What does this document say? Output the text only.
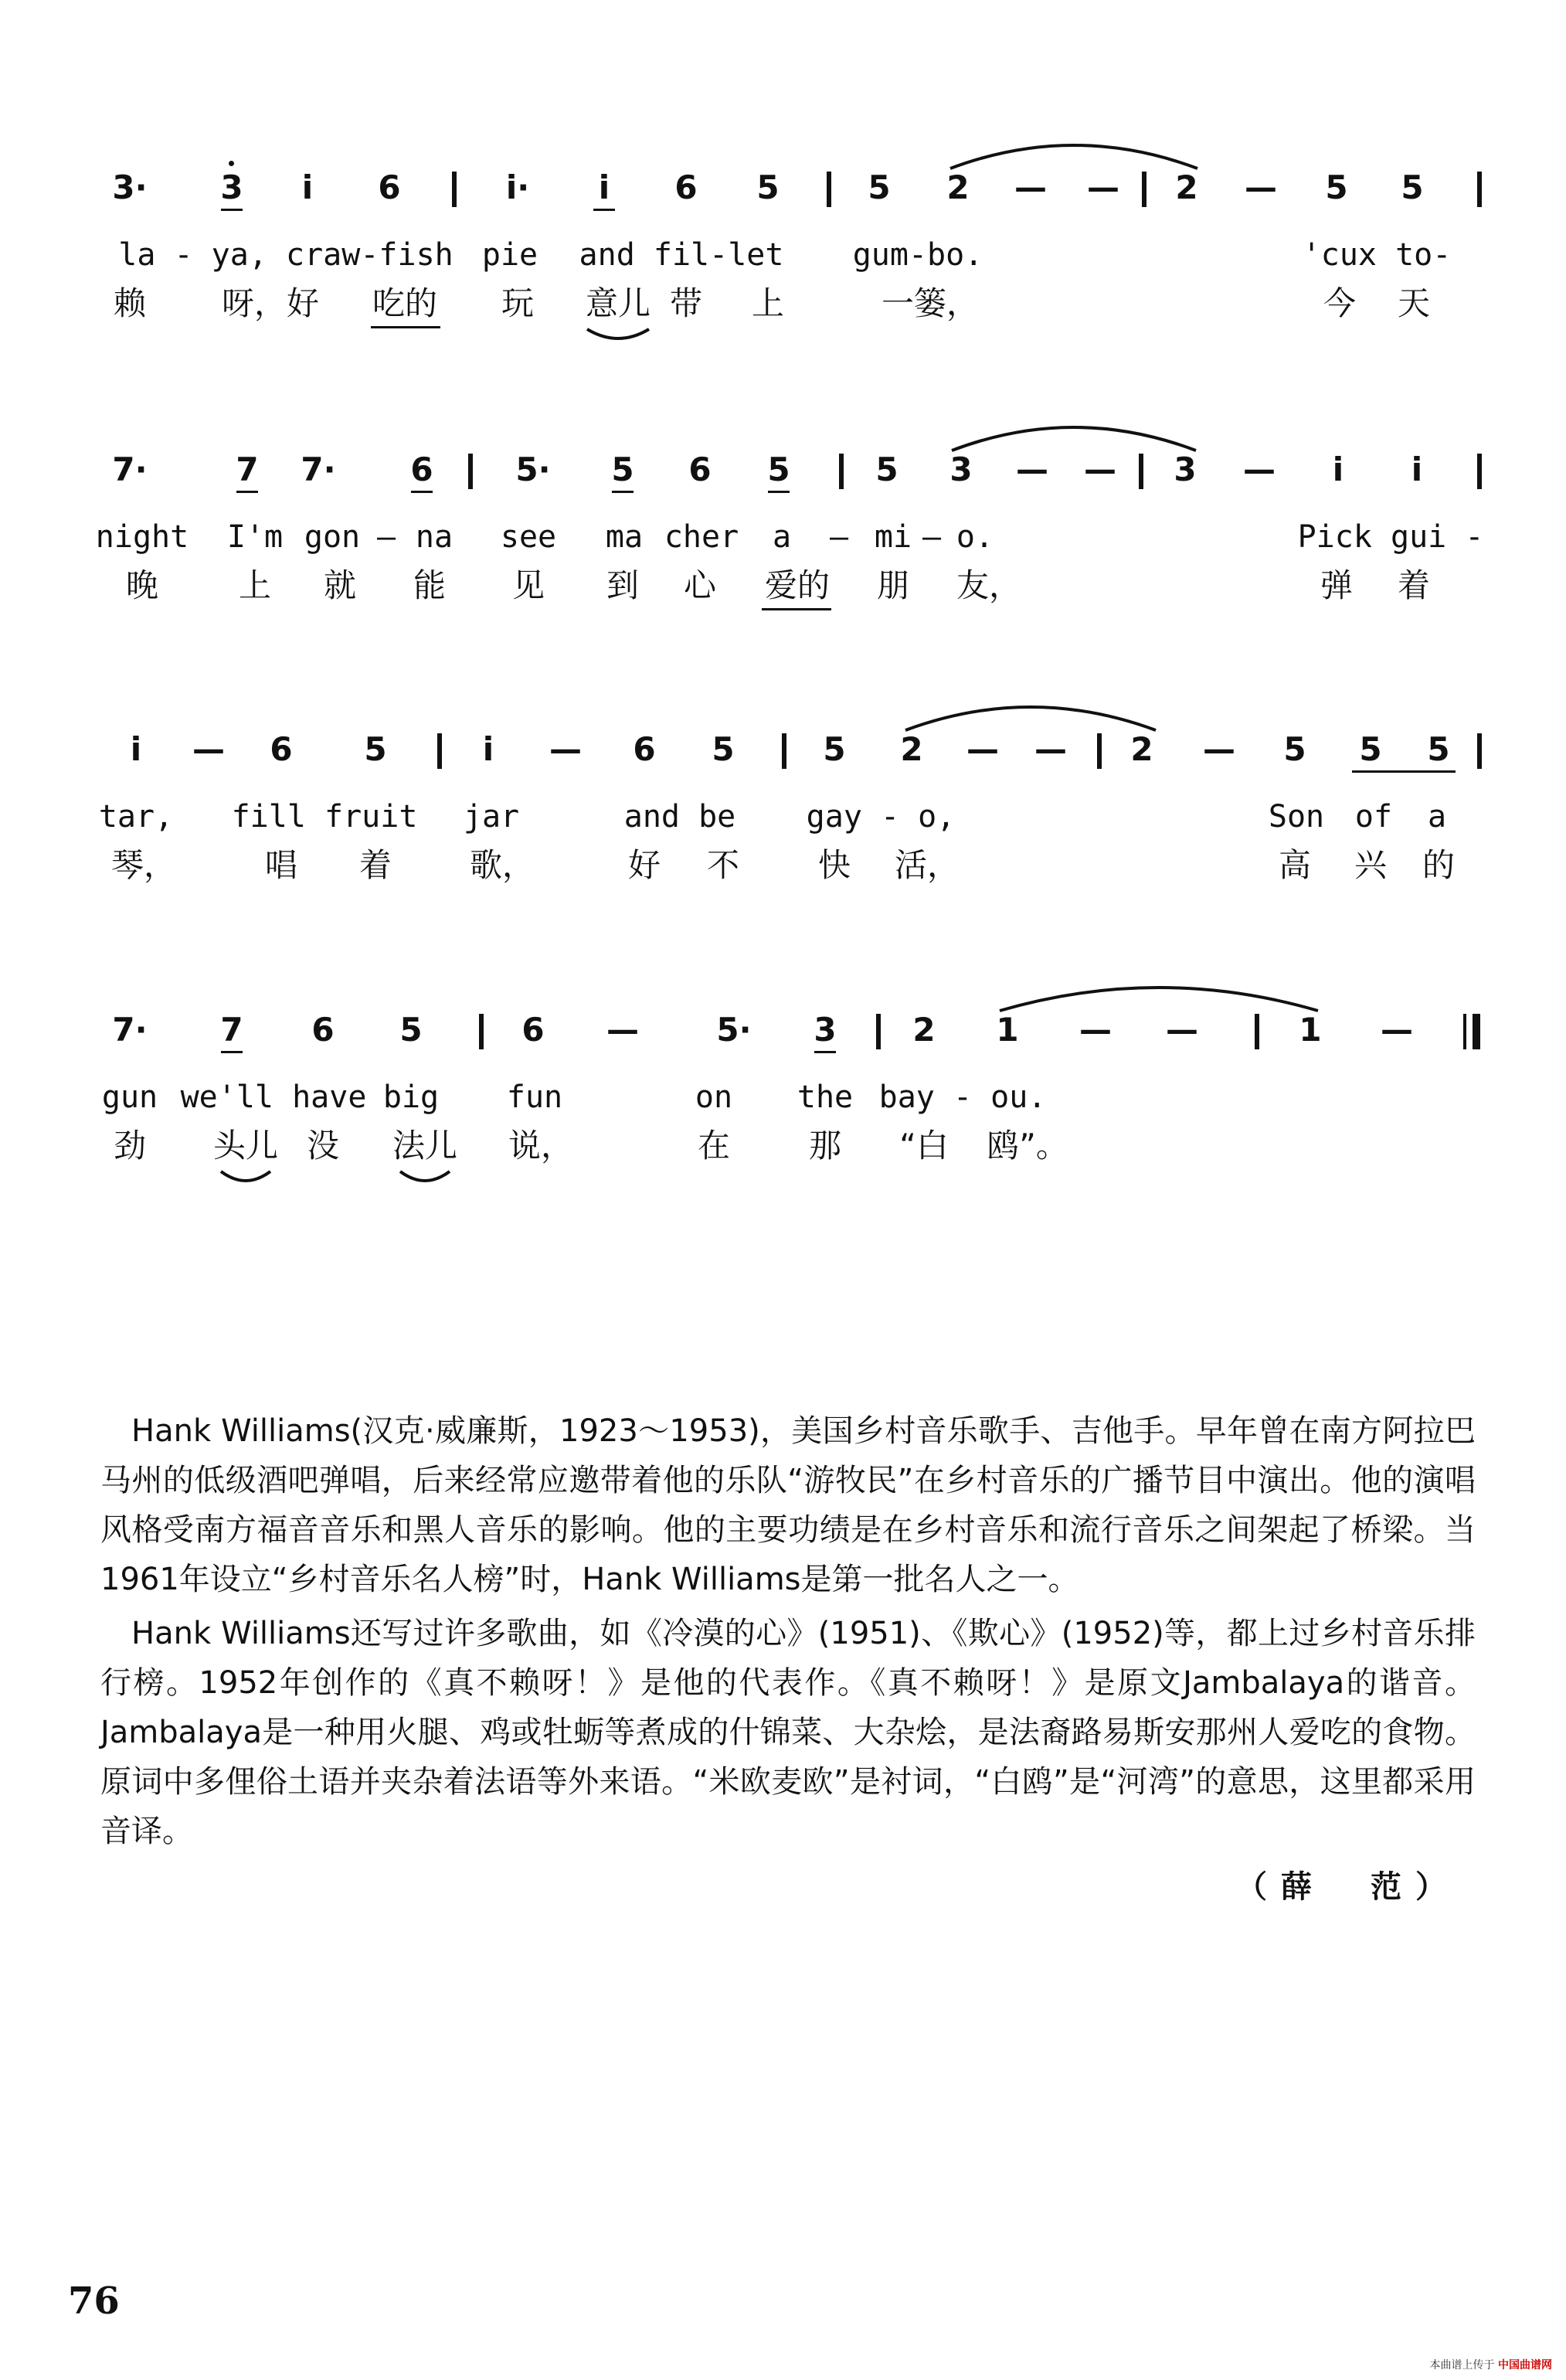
3· 3 i 6	i· i 6 5	5 2 — — 2 — 5 5
la - ya, craw-fish pie and fil-let gum-bo.	'cux to-
赖 呀，好 吃的 玩 意儿 带 上	一篓，	今 天
7·	7 7· 6	5· 5 6 5	5 3 — — 3 — i i
night I'm gon — na see ma cher a — mi — o.	Pick gui -
晚 上 就 能 见 到 心 爱的 朋 友，	弹 着
i — 6 5	i — 6 5	5 2 — — 2 — 5 5 5
tar, fill fruit jar	and be gay - o,	Son of a
琴，	唱 着 歌，	好 不 快 活，	高 兴 的
7· 7 6 5	6 — 5· 3 2 1 — —	1 —
gun we'll have big fun	on the bay - ou.
劲 头儿 没 法儿 说，	在 那 “白 鸥”。

Hank Williams(汉克·威廉斯，1923～1953)，美国乡村音乐歌手、吉他手。早年曾在南方阿拉巴马州的低级酒吧弹唱，后来经常应邀带着他的乐队“游牧民”在乡村音乐的广播节目中演出。他的演唱风格受南方福音音乐和黑人音乐的影响。他的主要功绩是在乡村音乐和流行音乐之间架起了桥梁。当1961年设立“乡村音乐名人榜”时，Hank Williams是第一批名人之一。

Hank Williams还写过许多歌曲，如《冷漠的心》(1951)、《欺心》(1952)等，都上过乡村音乐排行榜。1952年创作的《真不赖呀！》是他的代表作。《真不赖呀！》是原文Jambalaya的谐音。Jambalaya是一种用火腿、鸡或牡蛎等煮成的什锦菜、大杂烩，是法裔路易斯安那州人爱吃的食物。原词中多俚俗土语并夹杂着法语等外来语。“米欧麦欧”是衬词，“白鸥”是“河湾”的意思，这里都采用音译。

（薛　范）
76
本曲谱上传于 中国曲谱网
